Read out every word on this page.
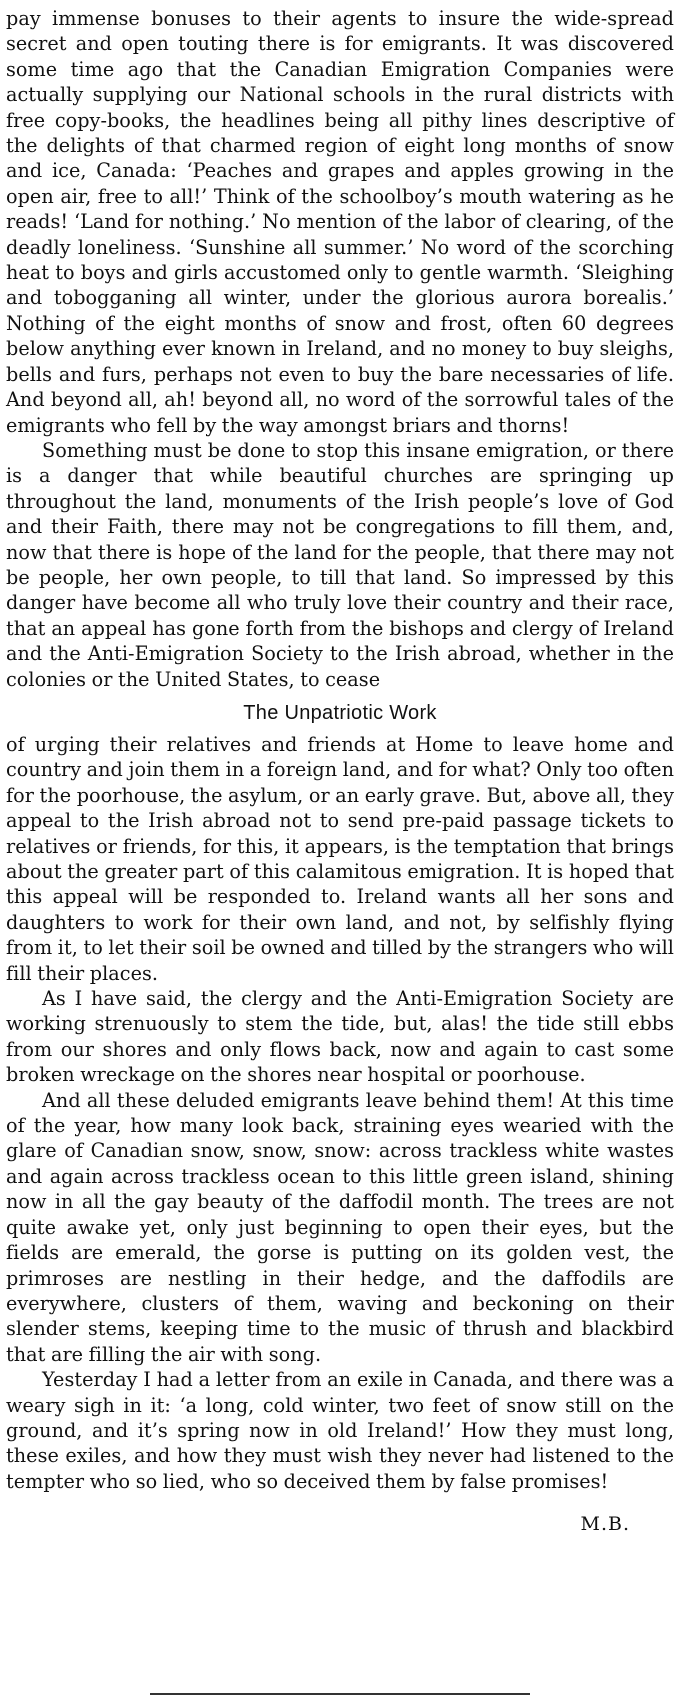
pay immense bonuses to their agents to insure the wide-spread secret and open touting there is for emigrants. It was discovered some time ago that the Canadian Emigration Companies were actually supplying our National schools in the rural districts with free copy-books, the headlines being all pithy lines descriptive of the delights of that charmed region of eight long months of snow and ice, Canada: ‘Peaches and grapes and apples growing in the open air, free to all!’ Think of the schoolboy’s mouth watering as he reads! ‘Land for nothing.’ No mention of the labor of clearing, of the deadly loneliness. ‘Sunshine all summer.’ No word of the scorching heat to boys and girls accustomed only to gentle warmth. ‘Sleighing and tobogganing all winter, under the glorious aurora borealis.’ Nothing of the eight months of snow and frost, often 60 degrees below anything ever known in Ireland, and no money to buy sleighs, bells and furs, perhaps not even to buy the bare necessaries of life. And beyond all, ah! beyond all, no word of the sorrowful tales of the emigrants who fell by the way amongst briars and thorns!

Something must be done to stop this insane emigration, or there is a danger that while beautiful churches are springing up throughout the land, monuments of the Irish people’s love of God and their Faith, there may not be congregations to fill them, and, now that there is hope of the land for the people, that there may not be people, her own people, to till that land. So impressed by this danger have become all who truly love their country and their race, that an appeal has gone forth from the bishops and clergy of Ireland and the Anti-Emigration Society to the Irish abroad, whether in the colonies or the United States, to cease

The Unpatriotic Work

of urging their relatives and friends at Home to leave home and country and join them in a foreign land, and for what? Only too often for the poorhouse, the asylum, or an early grave. But, above all, they appeal to the Irish abroad not to send pre-paid passage tickets to relatives or friends, for this, it appears, is the temptation that brings about the greater part of this calamitous emigration. It is hoped that this appeal will be responded to. Ireland wants all her sons and daughters to work for their own land, and not, by selfishly flying from it, to let their soil be owned and tilled by the strangers who will fill their places.

As I have said, the clergy and the Anti-Emigration Society are working strenuously to stem the tide, but, alas! the tide still ebbs from our shores and only flows back, now and again to cast some broken wreckage on the shores near hospital or poorhouse.

And all these deluded emigrants leave behind them! At this time of the year, how many look back, straining eyes wearied with the glare of Canadian snow, snow, snow: across trackless white wastes and again across trackless ocean to this little green island, shining now in all the gay beauty of the daffodil month. The trees are not quite awake yet, only just beginning to open their eyes, but the fields are emerald, the gorse is putting on its golden vest, the primroses are nestling in their hedge, and the daffodils are everywhere, clusters of them, waving and beckoning on their slender stems, keeping time to the music of thrush and blackbird that are filling the air with song.

Yesterday I had a letter from an exile in Canada, and there was a weary sigh in it: ‘a long, cold winter, two feet of snow still on the ground, and it’s spring now in old Ireland!’ How they must long, these exiles, and how they must wish they never had listened to the tempter who so lied, who so deceived them by false promises!

M.B.
